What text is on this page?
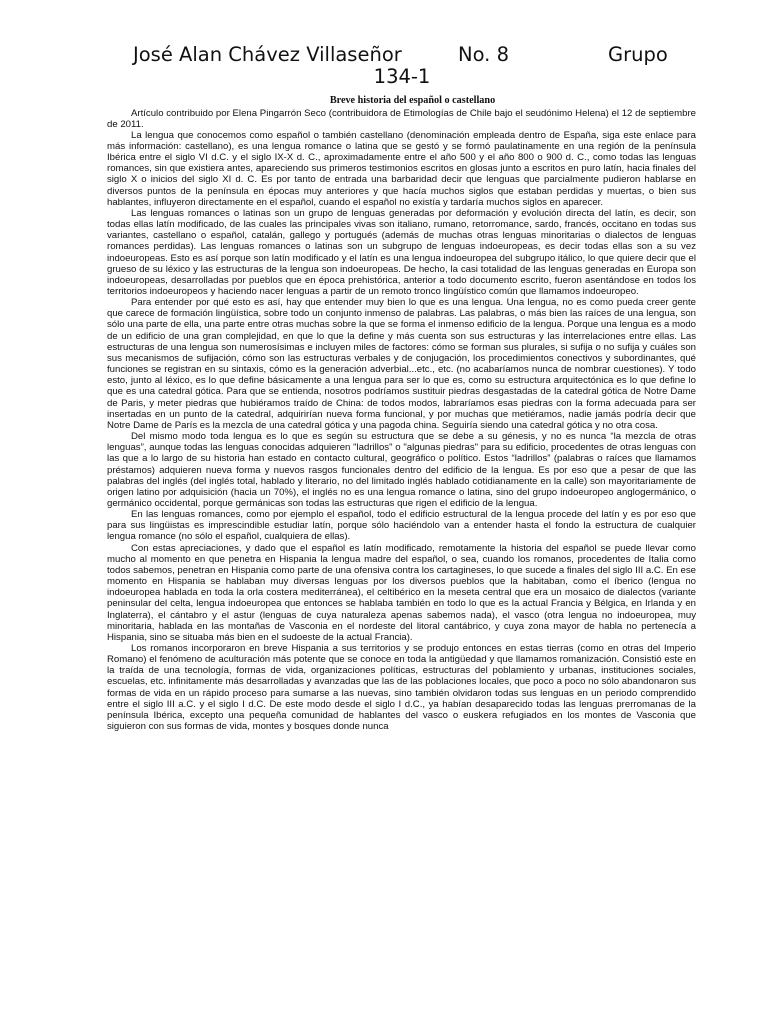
José Alan Chávez Villaseñor	No. 8	Grupo
134-1
Breve historia del español o castellano

Artículo contribuido por Elena Pingarrón Seco (contribuidora de Etimologías de Chile bajo el seudónimo Helena) el 12 de septiembre de 2011.

La lengua que conocemos como español o también castellano (denominación empleada dentro de España, siga este enlace para más información: castellano), es una lengua romance o latina que se gestó y se formó paulatinamente en una región de la península Ibérica entre el siglo VI d.C. y el siglo IX-X d. C., aproximadamente entre el año 500 y el año 800 o 900 d. C., como todas las lenguas romances, sin que existiera antes, apareciendo sus primeros testimonios escritos en glosas junto a escritos en puro latín, hacia finales del siglo X o inicios del siglo XI d. C. Es por tanto de entrada una barbaridad decir que lenguas que parcialmente pudieron hablarse en diversos puntos de la península en épocas muy anteriores y que hacía muchos siglos que estaban perdidas y muertas, o bien sus hablantes, influyeron directamente en el español, cuando el español no existía y tardaría muchos siglos en aparecer.

Las lenguas romances o latinas son un grupo de lenguas generadas por deformación y evolución directa del latín, es decir, son todas ellas latín modificado, de las cuales las principales vivas son italiano, rumano, retorromance, sardo, francés, occitano en todas sus variantes, castellano o español, catalán, gallego y portugués (además de muchas otras lenguas minoritarias o dialectos de lenguas romances perdidas). Las lenguas romances o latinas son un subgrupo de lenguas indoeuropeas, es decir todas ellas son a su vez indoeuropeas. Esto es así porque son latín modificado y el latín es una lengua indoeuropea del subgrupo itálico, lo que quiere decir que el grueso de su léxico y las estructuras de la lengua son indoeuropeas. De hecho, la casi totalidad de las lenguas generadas en Europa son indoeuropeas, desarrolladas por pueblos que en época prehistórica, anterior a todo documento escrito, fueron asentándose en todos los territorios indoeuropeos y haciendo nacer lenguas a partir de un remoto tronco lingüístico común que llamamos indoeuropeo.

Para entender por qué esto es así, hay que entender muy bien lo que es una lengua. Una lengua, no es como pueda creer gente que carece de formación lingüística, sobre todo un conjunto inmenso de palabras. Las palabras, o más bien las raíces de una lengua, son sólo una parte de ella, una parte entre otras muchas sobre la que se forma el inmenso edificio de la lengua. Porque una lengua es a modo de un edificio de una gran complejidad, en que lo que la define y más cuenta son sus estructuras y las interrelaciones entre ellas. Las estructuras de una lengua son numerosísimas e incluyen miles de factores: cómo se forman sus plurales, si sufija o no sufija y cuáles son sus mecanismos de sufijación, cómo son las estructuras verbales y de conjugación, los procedimientos conectivos y subordinantes, qué funciones se registran en su sintaxis, cómo es la generación adverbial...etc., etc. (no acabaríamos nunca de nombrar cuestiones). Y todo esto, junto al léxico, es lo que define básicamente a una lengua para ser lo que es, como su estructura arquitectónica es lo que define lo que es una catedral gótica. Para que se entienda, nosotros podríamos sustituir piedras desgastadas de la catedral gótica de Notre Dame de Paris, y meter piedras que hubiéramos traído de China: de todos modos, labraríamos esas piedras con la forma adecuada para ser insertadas en un punto de la catedral, adquirirían nueva forma funcional, y por muchas que metiéramos, nadie jamás podría decir que Notre Dame de París es la mezcla de una catedral gótica y una pagoda china. Seguiría siendo una catedral gótica y no otra cosa.

Del mismo modo toda lengua es lo que es según su estructura que se debe a su génesis, y no es nunca “la mezcla de otras lenguas”, aunque todas las lenguas conocidas adquieren "ladrillos" o "algunas piedras" para su edificio, procedentes de otras lenguas con las que a lo largo de su historia han estado en contacto cultural, geográfico o político. Estos “ladrillos” (palabras o raíces que llamamos préstamos) adquieren nueva forma y nuevos rasgos funcionales dentro del edificio de la lengua. Es por eso que a pesar de que las palabras del inglés (del inglés total, hablado y literario, no del limitado inglés hablado cotidianamente en la calle) son mayoritariamente de origen latino por adquisición (hacia un 70%), el inglés no es una lengua romance o latina, sino del grupo indoeuropeo anglogermánico, o germánico occidental, porque germánicas son todas las estructuras que rigen el edificio de la lengua.

En las lenguas romances, como por ejemplo el español, todo el edificio estructural de la lengua procede del latín y es por eso que para sus lingüistas es imprescindible estudiar latín, porque sólo haciéndolo van a entender hasta el fondo la estructura de cualquier lengua romance (no sólo el español, cualquiera de ellas).

Con estas apreciaciones, y dado que el español es latín modificado, remotamente la historia del español se puede llevar como mucho al momento en que penetra en Hispania la lengua madre del español, o sea, cuando los romanos, procedentes de Italia como todos sabemos, penetran en Hispania como parte de una ofensiva contra los cartagineses, lo que sucede a finales del siglo III a.C. En ese momento en Hispania se hablaban muy diversas lenguas por los diversos pueblos que la habitaban, como el íberico (lengua no indoeuropea hablada en toda la orla costera mediterránea), el celtibérico en la meseta central que era un mosaico de dialectos (variante peninsular del celta, lengua indoeuropea que entonces se hablaba también en todo lo que es la actual Francia y Bélgica, en Irlanda y en Inglaterra), el cántabro y el astur (lenguas de cuya naturaleza apenas sabemos nada), el vasco (otra lengua no indoeuropea, muy minoritaria, hablada en las montañas de Vasconia en el nordeste del litoral cantábrico, y cuya zona mayor de habla no pertenecía a Hispania, sino se situaba más bien en el sudoeste de la actual Francia).

Los romanos incorporaron en breve Hispania a sus territorios y se produjo entonces en estas tierras (como en otras del Imperio Romano) el fenómeno de aculturación más potente que se conoce en toda la antigüedad y que llamamos romanización. Consistió este en la traída de una tecnología, formas de vida, organizaciones políticas, estructuras del poblamiento y urbanas, instituciones sociales, escuelas, etc. infinitamente más desarrolladas y avanzadas que las de las poblaciones locales, que poco a poco no sólo abandonaron sus formas de vida en un rápido proceso para sumarse a las nuevas, sino también olvidaron todas sus lenguas en un periodo comprendido entre el siglo III a.C. y el siglo I d.C. De este modo desde el siglo I d.C., ya habían desaparecido todas las lenguas prerromanas de la península Ibérica, excepto una pequeña comunidad de hablantes del vasco o euskera refugiados en los montes de Vasconia que siguieron con sus formas de vida, montes y bosques donde nunca
